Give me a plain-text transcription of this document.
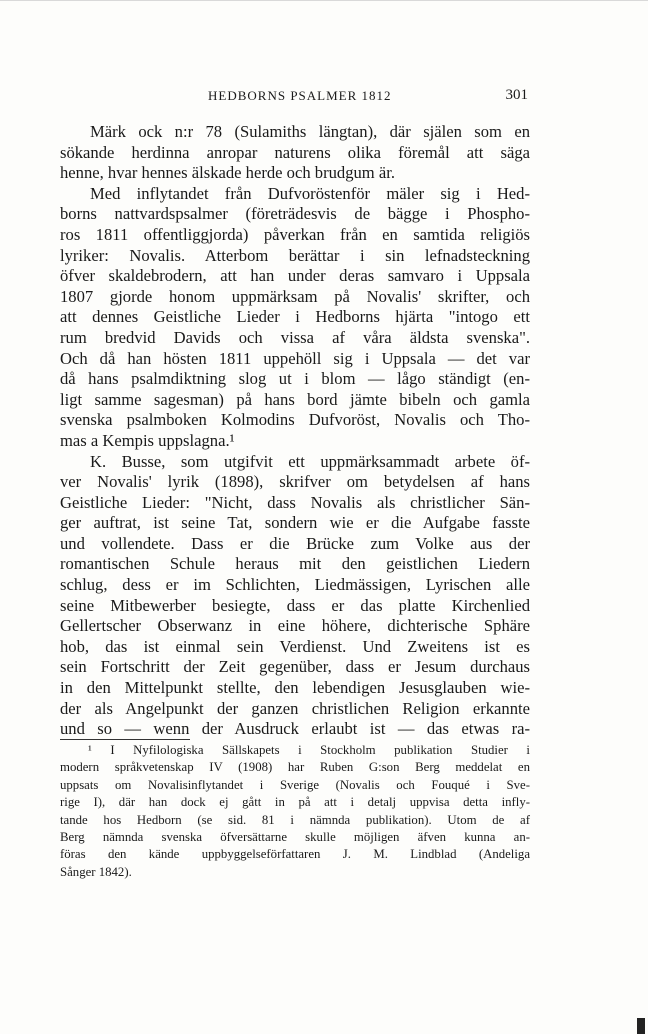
HEDBORNS PSALMER 1812	301
Märk ock n:r 78 (Sulamiths längtan), där själen som en
sökande herdinna anropar naturens olika föremål att säga
henne, hvar hennes älskade herde och brudgum är.
Med inflytandet från Dufvoröstenför mäler sig i Hed-
borns nattvardspsalmer (företrädesvis de bägge i Phospho-
ros 1811 offentliggjorda) påverkan från en samtida religiös
lyriker: Novalis. Atterbom berättar i sin lefnadsteckning
öfver skaldebrodern, att han under deras samvaro i Uppsala
1807 gjorde honom uppmärksam på Novalis' skrifter, och
att dennes Geistliche Lieder i Hedborns hjärta "intogo ett
rum bredvid Davids och vissa af våra äldsta svenska".
Och då han hösten 1811 uppehöll sig i Uppsala — det var
då hans psalmdiktning slog ut i blom — lågo ständigt (en-
ligt samme sagesman) på hans bord jämte bibeln och gamla
svenska psalmboken Kolmodins Dufvoröst, Novalis och Tho-
mas a Kempis uppslagna.¹
K. Busse, som utgifvit ett uppmärksammadt arbete öf-
ver Novalis' lyrik (1898), skrifver om betydelsen af hans
Geistliche Lieder: "Nicht, dass Novalis als christlicher Sän-
ger auftrat, ist seine Tat, sondern wie er die Aufgabe fasste
und vollendete. Dass er die Brücke zum Volke aus der
romantischen Schule heraus mit den geistlichen Liedern
schlug, dess er im Schlichten, Liedmässigen, Lyrischen alle
seine Mitbewerber besiegte, dass er das platte Kirchenlied
Gellertscher Obserwanz in eine höhere, dichterische Sphäre
hob, das ist einmal sein Verdienst. Und Zweitens ist es
sein Fortschritt der Zeit gegenüber, dass er Jesum durchaus
in den Mittelpunkt stellte, den lebendigen Jesusglauben wie-
der als Angelpunkt der ganzen christlichen Religion erkannte
und so — wenn der Ausdruck erlaubt ist — das etwas ra-
¹ I Nyfilologiska Sällskapets i Stockholm publikation Studier i
modern språkvetenskap IV (1908) har Ruben G:son Berg meddelat en
uppsats om Novalisinflytandet i Sverige (Novalis och Fouqué i Sve-
rige I), där han dock ej gått in på att i detalj uppvisa detta infly-
tande hos Hedborn (se sid. 81 i nämnda publikation). Utom de af
Berg nämnda svenska öfversättarne skulle möjligen äfven kunna an-
föras den kände uppbyggelseförfattaren J. M. Lindblad (Andeliga
Sånger 1842).
